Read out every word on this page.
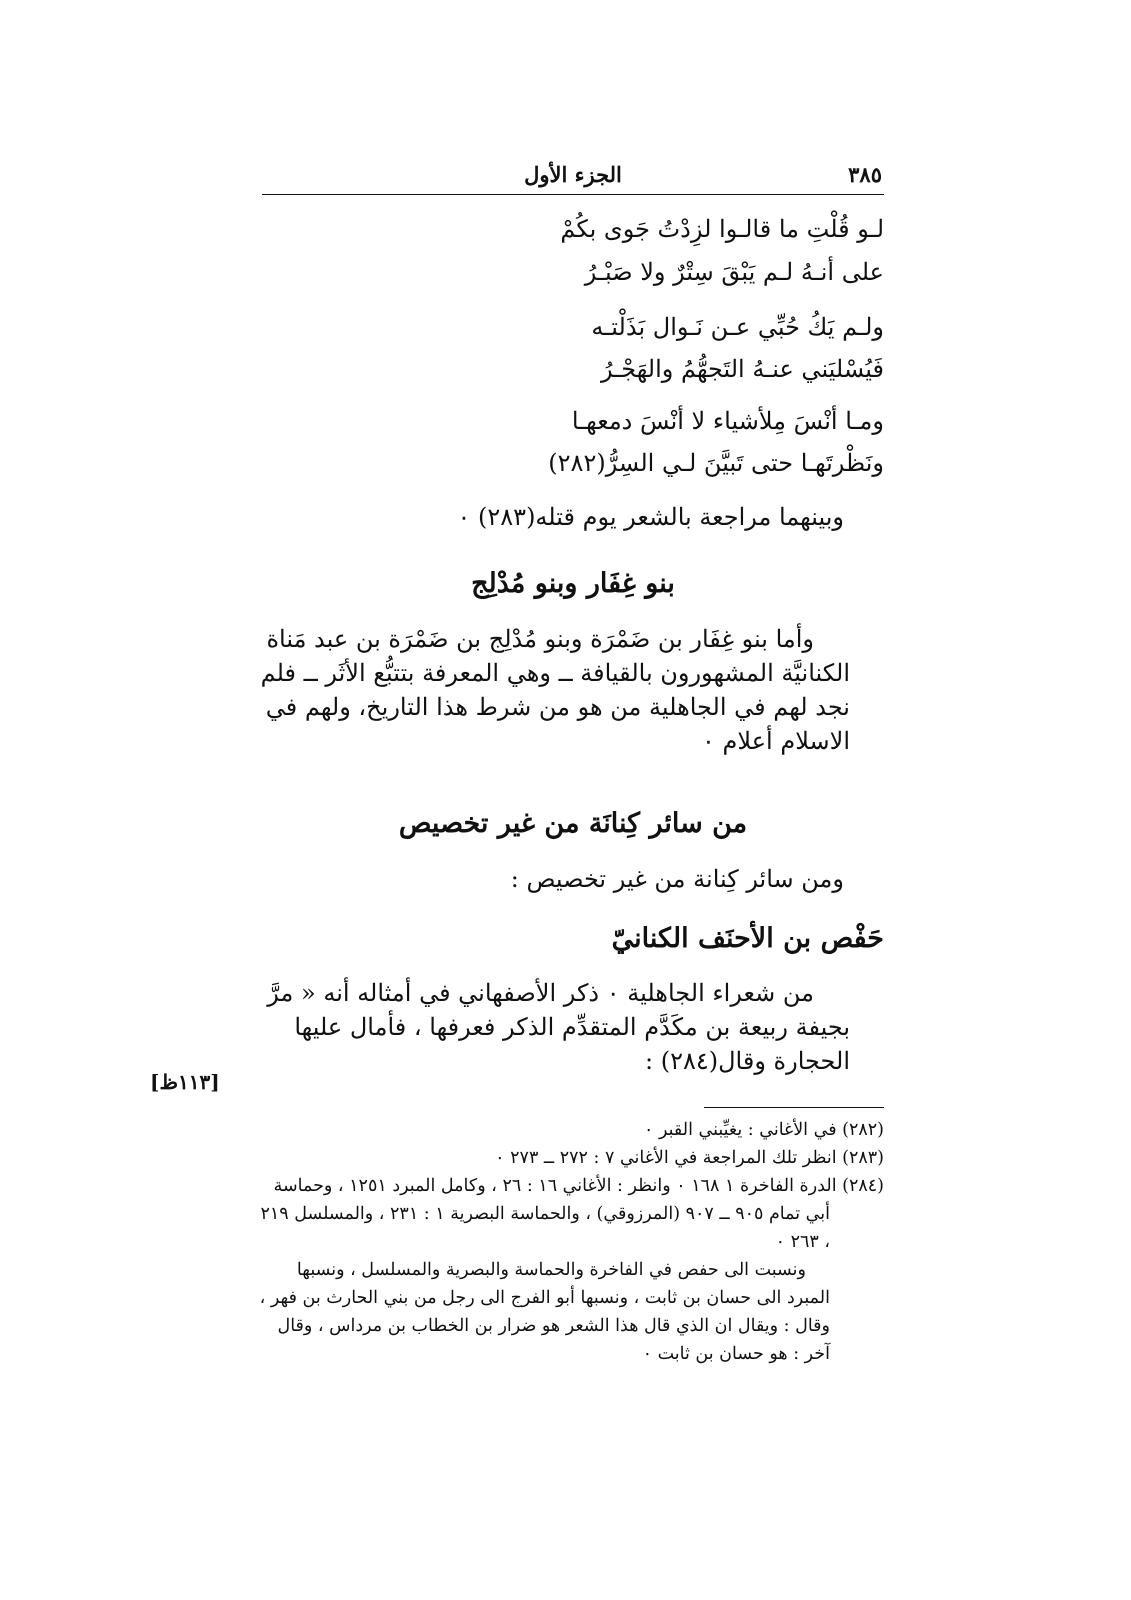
٣٨٥
الجزء الأول
لـو قُلْتِ ما قالـوا لزِدْتُ جَوى بكُمْ
على أنـهُ لـم يَبْقَ سِتْرٌ ولا صَبْـرُ
ولـم يَكُ حُبِّي عـن نَـوال بَذَلْتـه
فَيُسْليَني عنـهُ التَجهُّمُ والهَجْـرُ
ومـا أنْسَ مِلأشياء لا أنْسَ دمعهـا
ونَظْرتَهـا حتى تَبيَّنَ لـي السِرُّ(٢٨٢)
وبينهما مراجعة بالشعر يوم قتله(٢٨٣) ٠
بنو غِفَار وبنو مُدْلِج
وأما بنو غِفَار بن ضَمْرَة وبنو مُدْلِج بن ضَمْرَة بن عبد مَناة الكنانيَّة المشهورون بالقيافة ــ وهي المعرفة بتتبُّع الأثَر ــ فلم نجد لهم في الجاهلية من هو من شرط هذا التاريخ، ولهم في الاسلام أعلام ٠
من سائر كِنانَة من غير تخصيص
ومن سائر كِنانة من غير تخصيص :
حَفْص بن الأحنَف الكنانيّ
من شعراء الجاهلية ٠ ذكر الأصفهاني في أمثاله أنه « مرَّ بجيفة ربيعة بن مكَدَّم المتقدِّم الذكر فعرفها ، فأمال عليها الحجارة وقال(٢٨٤) :
[١١٣ظ]

(٢٨٢) في الأغاني : يغيِّبني القبر ٠

(٢٨٣) انظر تلك المراجعة في الأغاني ٧ : ٢٧٢ ــ ٢٧٣ ٠

(٢٨٤) الدرة الفاخرة ١ ١٦٨ ٠ وانظر : الأغاني ١٦ : ٢٦ ، وكامل المبرد ١٢٥١ ، وحماسة أبي تمام ٩٠٥ ــ ٩٠٧ (المرزوقي) ، والحماسة البصرية ١ : ٢٣١ ، والمسلسل ٢١٩ ، ٢٦٣ ٠

ونسبت الى حفص في الفاخرة والحماسة والبصرية والمسلسل ، ونسبها المبرد الى حسان بن ثابت ، ونسبها أبو الفرج الى رجل من بني الحارث بن فهر ، وقال : ويقال ان الذي قال هذا الشعر هو ضرار بن الخطاب بن مرداس ، وقال آخر : هو حسان بن ثابت ٠
